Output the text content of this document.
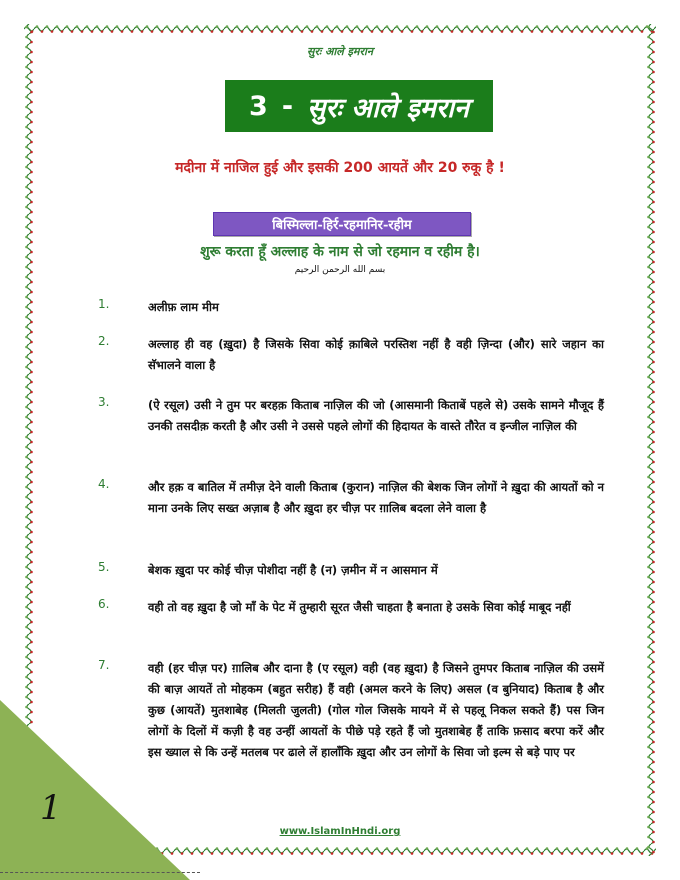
सुरः आले इमरान
3 - सुरः आले इमरान
मदीना में नाजिल हुई और इसकी 200 आयतें और 20 रुकू है !
बिस्मिल्ला-हिर्र-रहमानिर-रहीम
शुरू करता हूँ अल्लाह के नाम से जो रहमान व रहीम है।
بسم الله الرحمن الرحيم
1.	अलीफ़ लाम मीम
2.	अल्लाह ही वह (ख़ुदा) है जिसके सिवा कोई क़ाबिले परस्तिश नहीं है वही ज़िन्दा (और) सारे जहान का सॅभालने वाला है
3.	(ऐ रसूल) उसी ने तुम पर बरहक़ किताब नाज़िल की जो (आसमानी किताबें पहले से) उसके सामने मौजूद हैं उनकी तसदीक़ करती है और उसी ने उससे पहले लोगों की हिदायत के वास्ते तौरेत व इन्जील नाज़िल की
4.	और हक़ व बातिल में तमीज़ देने वाली किताब (कुरान) नाज़िल की बेशक जिन लोगों ने ख़ुदा की आयतों को न माना उनके लिए सख्त अज़ाब है और ख़ुदा हर चीज़ पर ग़ालिब बदला लेने वाला है
5.	बेशक ख़ुदा पर कोई चीज़ पोशीदा नहीं है (न) ज़मीन में न आसमान में
6.	वही तो वह ख़ुदा है जो माँ के पेट में तुम्हारी सूरत जैसी चाहता है बनाता हे उसके सिवा कोई माबूद नहीं
7.	वही (हर चीज़ पर) ग़ालिब और दाना है (ए रसूल) वही (वह ख़ुदा) है जिसने तुमपर किताब नाज़िल की उसमें की बाज़ आयतें तो मोहकम (बहुत सरीह) हैं वही (अमल करने के लिए) असल (व बुनियाद) किताब है और कुछ (आयतें) मुतशाबेह (मिलती जुलती) (गोल गोल जिसके मायने में से पहलू निकल सकते हैं) पस जिन लोगों के दिलों में कज़ी है वह उन्हीं आयतों के पीछे पड़े रहते हैं जो मुतशाबेह हैं ताकि फ़साद बरपा करें और इस ख्याल से कि उन्हें मतलब पर ढाले लें हालाँकि ख़ुदा और उन लोगों के सिवा जो इल्म से बड़े पाए पर
1
www.IslamInHndi.org
